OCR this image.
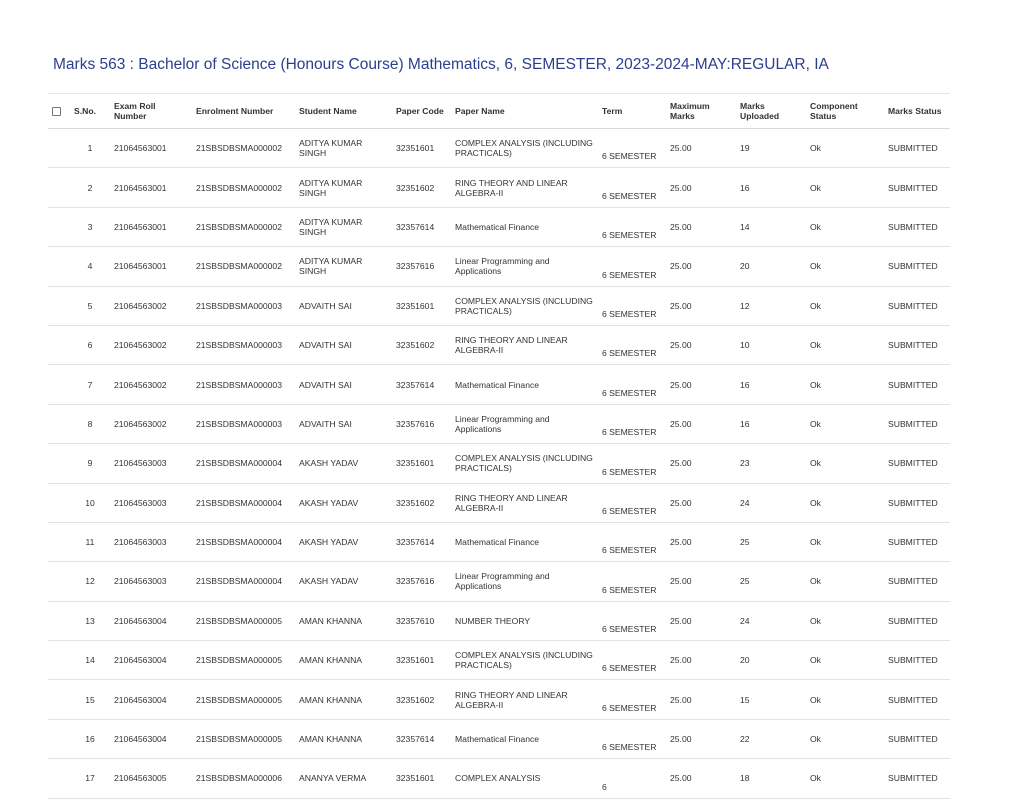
Marks 563 : Bachelor of Science (Honours Course) Mathematics, 6, SEMESTER, 2023-2024-MAY:REGULAR, IA
	S.No.	Exam Roll Number	Enrolment Number	Student Name	Paper Code	Paper Name	Term	Maximum Marks	Marks Uploaded	Component Status	Marks Status
	1	21064563001	21SBSDBSMA000002	ADITYA KUMAR SINGH	32351601	COMPLEX ANALYSIS (INCLUDING PRACTICALS)	6 SEMESTER	25.00	19	Ok	SUBMITTED
	2	21064563001	21SBSDBSMA000002	ADITYA KUMAR SINGH	32351602	RING THEORY AND LINEAR ALGEBRA-II	6 SEMESTER	25.00	16	Ok	SUBMITTED
	3	21064563001	21SBSDBSMA000002	ADITYA KUMAR SINGH	32357614	Mathematical Finance	6 SEMESTER	25.00	14	Ok	SUBMITTED
	4	21064563001	21SBSDBSMA000002	ADITYA KUMAR SINGH	32357616	Linear Programming and Applications	6 SEMESTER	25.00	20	Ok	SUBMITTED
	5	21064563002	21SBSDBSMA000003	ADVAITH SAI	32351601	COMPLEX ANALYSIS (INCLUDING PRACTICALS)	6 SEMESTER	25.00	12	Ok	SUBMITTED
	6	21064563002	21SBSDBSMA000003	ADVAITH SAI	32351602	RING THEORY AND LINEAR ALGEBRA-II	6 SEMESTER	25.00	10	Ok	SUBMITTED
	7	21064563002	21SBSDBSMA000003	ADVAITH SAI	32357614	Mathematical Finance	6 SEMESTER	25.00	16	Ok	SUBMITTED
	8	21064563002	21SBSDBSMA000003	ADVAITH SAI	32357616	Linear Programming and Applications	6 SEMESTER	25.00	16	Ok	SUBMITTED
	9	21064563003	21SBSDBSMA000004	AKASH YADAV	32351601	COMPLEX ANALYSIS (INCLUDING PRACTICALS)	6 SEMESTER	25.00	23	Ok	SUBMITTED
	10	21064563003	21SBSDBSMA000004	AKASH YADAV	32351602	RING THEORY AND LINEAR ALGEBRA-II	6 SEMESTER	25.00	24	Ok	SUBMITTED
	11	21064563003	21SBSDBSMA000004	AKASH YADAV	32357614	Mathematical Finance	6 SEMESTER	25.00	25	Ok	SUBMITTED
	12	21064563003	21SBSDBSMA000004	AKASH YADAV	32357616	Linear Programming and Applications	6 SEMESTER	25.00	25	Ok	SUBMITTED
	13	21064563004	21SBSDBSMA000005	AMAN KHANNA	32357610	NUMBER THEORY	6 SEMESTER	25.00	24	Ok	SUBMITTED
	14	21064563004	21SBSDBSMA000005	AMAN KHANNA	32351601	COMPLEX ANALYSIS (INCLUDING PRACTICALS)	6 SEMESTER	25.00	20	Ok	SUBMITTED
	15	21064563004	21SBSDBSMA000005	AMAN KHANNA	32351602	RING THEORY AND LINEAR ALGEBRA-II	6 SEMESTER	25.00	15	Ok	SUBMITTED
	16	21064563004	21SBSDBSMA000005	AMAN KHANNA	32357614	Mathematical Finance	6 SEMESTER	25.00	22	Ok	SUBMITTED
	17	21064563005	21SBSDBSMA000006	ANANYA VERMA	32351601	COMPLEX ANALYSIS	6	25.00	18	Ok	SUBMITTED
